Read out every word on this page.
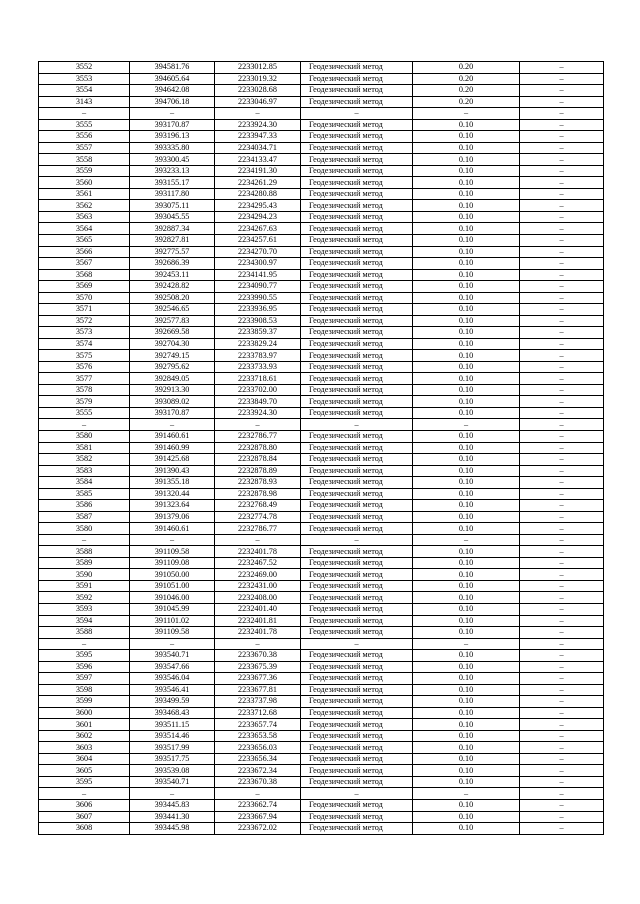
3552	394581.76	2233012.85	Геодезический метод	0.20	–
3553	394605.64	2233019.32	Геодезический метод	0.20	–
3554	394642.08	2233028.68	Геодезический метод	0.20	–
3143	394706.18	2233046.97	Геодезический метод	0.20	–
–	–	–	–	–	–
3555	393170.87	2233924.30	Геодезический метод	0.10	–
3556	393196.13	2233947.33	Геодезический метод	0.10	–
3557	393335.80	2234034.71	Геодезический метод	0.10	–
3558	393300.45	2234133.47	Геодезический метод	0.10	–
3559	393233.13	2234191.30	Геодезический метод	0.10	–
3560	393155.17	2234261.29	Геодезический метод	0.10	–
3561	393117.80	2234280.88	Геодезический метод	0.10	–
3562	393075.11	2234295.43	Геодезический метод	0.10	–
3563	393045.55	2234294.23	Геодезический метод	0.10	–
3564	392887.34	2234267.63	Геодезический метод	0.10	–
3565	392827.81	2234257.61	Геодезический метод	0.10	–
3566	392775.57	2234270.70	Геодезический метод	0.10	–
3567	392686.39	2234300.97	Геодезический метод	0.10	–
3568	392453.11	2234141.95	Геодезический метод	0.10	–
3569	392428.82	2234090.77	Геодезический метод	0.10	–
3570	392508.20	2233990.55	Геодезический метод	0.10	–
3571	392546.65	2233936.95	Геодезический метод	0.10	–
3572	392577.83	2233908.53	Геодезический метод	0.10	–
3573	392669.58	2233859.37	Геодезический метод	0.10	–
3574	392704.30	2233829.24	Геодезический метод	0.10	–
3575	392749.15	2233783.97	Геодезический метод	0.10	–
3576	392795.62	2233733.93	Геодезический метод	0.10	–
3577	392849.05	2233718.61	Геодезический метод	0.10	–
3578	392913.30	2233702.00	Геодезический метод	0.10	–
3579	393089.02	2233849.70	Геодезический метод	0.10	–
3555	393170.87	2233924.30	Геодезический метод	0.10	–
–	–	–	–	–	–
3580	391460.61	2232786.77	Геодезический метод	0.10	–
3581	391460.99	2232878.80	Геодезический метод	0.10	–
3582	391425.68	2232878.84	Геодезический метод	0.10	–
3583	391390.43	2232878.89	Геодезический метод	0.10	–
3584	391355.18	2232878.93	Геодезический метод	0.10	–
3585	391320.44	2232878.98	Геодезический метод	0.10	–
3586	391323.64	2232768.49	Геодезический метод	0.10	–
3587	391379.06	2232774.78	Геодезический метод	0.10	–
3580	391460.61	2232786.77	Геодезический метод	0.10	–
–	–	–	–	–	–
3588	391109.58	2232401.78	Геодезический метод	0.10	–
3589	391109.08	2232467.52	Геодезический метод	0.10	–
3590	391050.00	2232469.00	Геодезический метод	0.10	–
3591	391051.00	2232431.00	Геодезический метод	0.10	–
3592	391046.00	2232408.00	Геодезический метод	0.10	–
3593	391045.99	2232401.40	Геодезический метод	0.10	–
3594	391101.02	2232401.81	Геодезический метод	0.10	–
3588	391109.58	2232401.78	Геодезический метод	0.10	–
–	–	–	–	–	–
3595	393540.71	2233670.38	Геодезический метод	0.10	–
3596	393547.66	2233675.39	Геодезический метод	0.10	–
3597	393546.04	2233677.36	Геодезический метод	0.10	–
3598	393546.41	2233677.81	Геодезический метод	0.10	–
3599	393499.59	2233737.98	Геодезический метод	0.10	–
3600	393468.43	2233712.68	Геодезический метод	0.10	–
3601	393511.15	2233657.74	Геодезический метод	0.10	–
3602	393514.46	2233653.58	Геодезический метод	0.10	–
3603	393517.99	2233656.03	Геодезический метод	0.10	–
3604	393517.75	2233656.34	Геодезический метод	0.10	–
3605	393539.08	2233672.34	Геодезический метод	0.10	–
3595	393540.71	2233670.38	Геодезический метод	0.10	–
–	–	–	–	–	–
3606	393445.83	2233662.74	Геодезический метод	0.10	–
3607	393441.30	2233667.94	Геодезический метод	0.10	–
3608	393445.98	2233672.02	Геодезический метод	0.10	–
